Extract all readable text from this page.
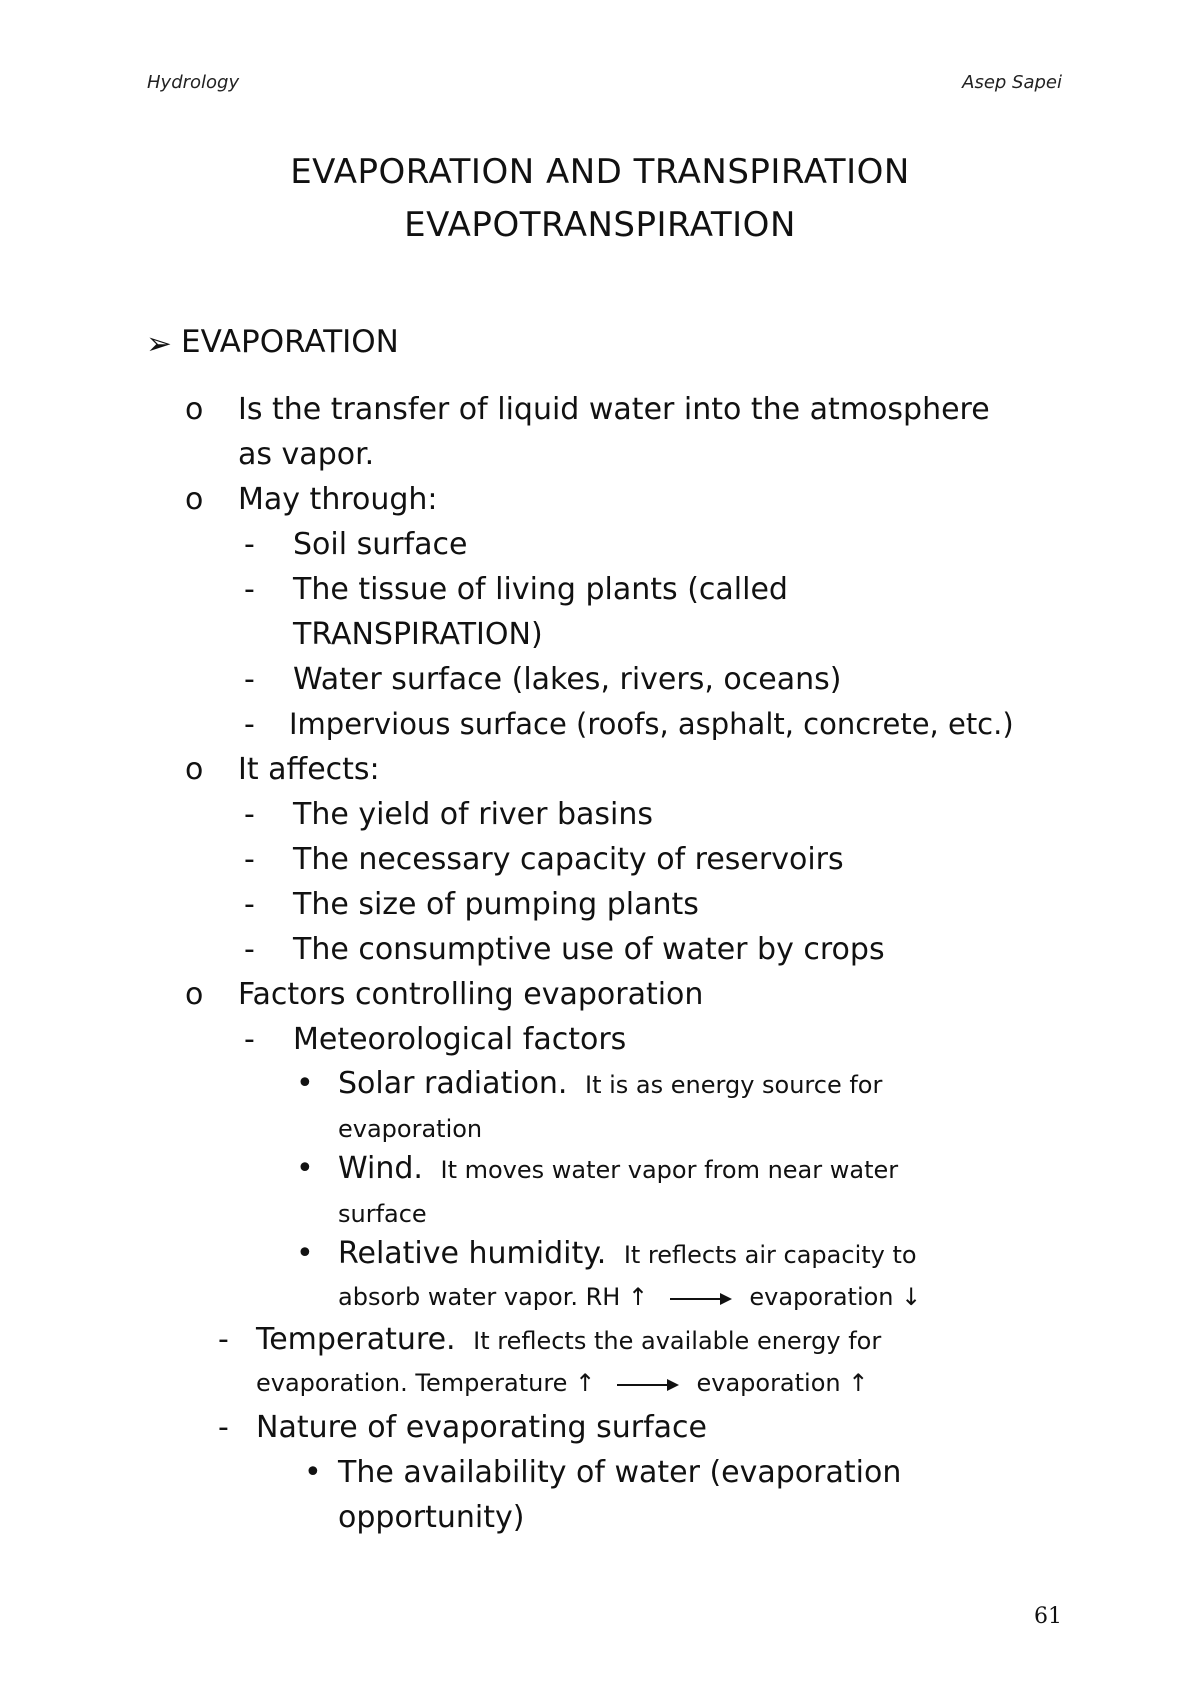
Hydrology	Asep Sapei
EVAPORATION AND TRANSPIRATION
EVAPOTRANSPIRATION
➢ EVAPORATION
o Is the transfer of liquid water into the atmosphere
as vapor.
o May through:
- Soil surface
- The tissue of living plants (called
TRANSPIRATION)
- Water surface (lakes, rivers, oceans)
- Impervious surface (roofs, asphalt, concrete, etc.)
o It affects:
- The yield of river basins
- The necessary capacity of reservoirs
- The size of pumping plants
- The consumptive use of water by crops
o Factors controlling evaporation
- Meteorological factors
• Solar radiation. It is as energy source for
evaporation
• Wind. It moves water vapor from near water
surface
• Relative humidity. It reflects air capacity to
absorb water vapor. RH ↑	evaporation ↓
- Temperature. It reflects the available energy for
evaporation. Temperature ↑	evaporation ↑
- Nature of evaporating surface
• The availability of water (evaporation
opportunity)
61
